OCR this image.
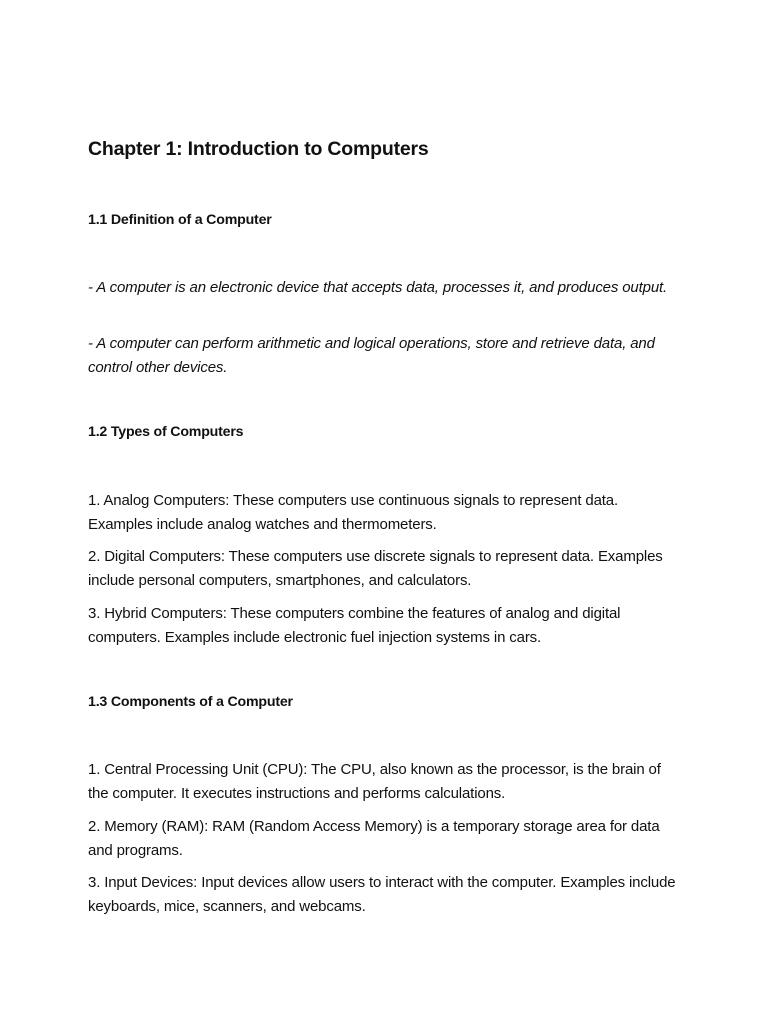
Chapter 1: Introduction to Computers
1.1 Definition of a Computer

- A computer is an electronic device that accepts data, processes it, and produces output.

- A computer can perform arithmetic and logical operations, store and retrieve data, and control other devices.

1.2 Types of Computers

1. Analog Computers: These computers use continuous signals to represent data. Examples include analog watches and thermometers.

2. Digital Computers: These computers use discrete signals to represent data. Examples include personal computers, smartphones, and calculators.

3. Hybrid Computers: These computers combine the features of analog and digital computers. Examples include electronic fuel injection systems in cars.

1.3 Components of a Computer

1. Central Processing Unit (CPU): The CPU, also known as the processor, is the brain of the computer. It executes instructions and performs calculations.

2. Memory (RAM): RAM (Random Access Memory) is a temporary storage area for data and programs.

3. Input Devices: Input devices allow users to interact with the computer. Examples include keyboards, mice, scanners, and webcams.
